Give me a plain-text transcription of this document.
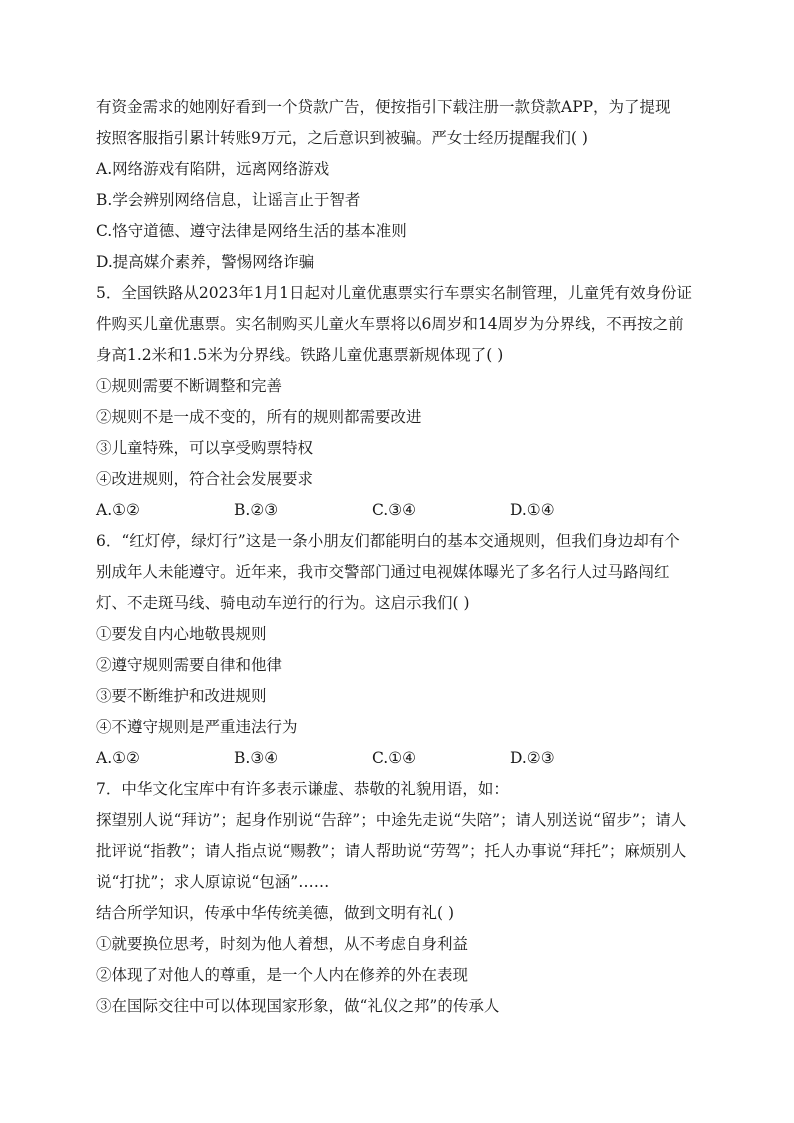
有资金需求的她刚好看到一个贷款广告，便按指引下载注册一款贷款APP，为了提现
按照客服指引累计转账9万元，之后意识到被骗。严女士经历提醒我们( )
A.网络游戏有陷阱，远离网络游戏
B.学会辨别网络信息，让谣言止于智者
C.恪守道德、遵守法律是网络生活的基本准则
D.提高媒介素养，警惕网络诈骗
5．全国铁路从2023年1月1日起对儿童优惠票实行车票实名制管理，儿童凭有效身份证
件购买儿童优惠票。实名制购买儿童火车票将以6周岁和14周岁为分界线，不再按之前
身高1.2米和1.5米为分界线。铁路儿童优惠票新规体现了( )
①规则需要不断调整和完善
②规则不是一成不变的，所有的规则都需要改进
③儿童特殊，可以享受购票特权
④改进规则，符合社会发展要求
A.①②	B.②③	C.③④	D.①④
6．“红灯停，绿灯行”这是一条小朋友们都能明白的基本交通规则，但我们身边却有个
别成年人未能遵守。近年来，我市交警部门通过电视媒体曝光了多名行人过马路闯红
灯、不走斑马线、骑电动车逆行的行为。这启示我们( )
①要发自内心地敬畏规则
②遵守规则需要自律和他律
③要不断维护和改进规则
④不遵守规则是严重违法行为
A.①②	B.③④	C.①④	D.②③
7．中华文化宝库中有许多表示谦虚、恭敬的礼貌用语，如：
探望别人说“拜访”；起身作别说“告辞”；中途先走说“失陪”；请人别送说“留步”；请人
批评说“指教”；请人指点说“赐教”；请人帮助说“劳驾”；托人办事说“拜托”；麻烦别人
说“打扰”；求人原谅说“包涵”……
结合所学知识，传承中华传统美德，做到文明有礼( )
①就要换位思考，时刻为他人着想，从不考虑自身利益
②体现了对他人的尊重，是一个人内在修养的外在表现
③在国际交往中可以体现国家形象，做“礼仪之邦”的传承人
